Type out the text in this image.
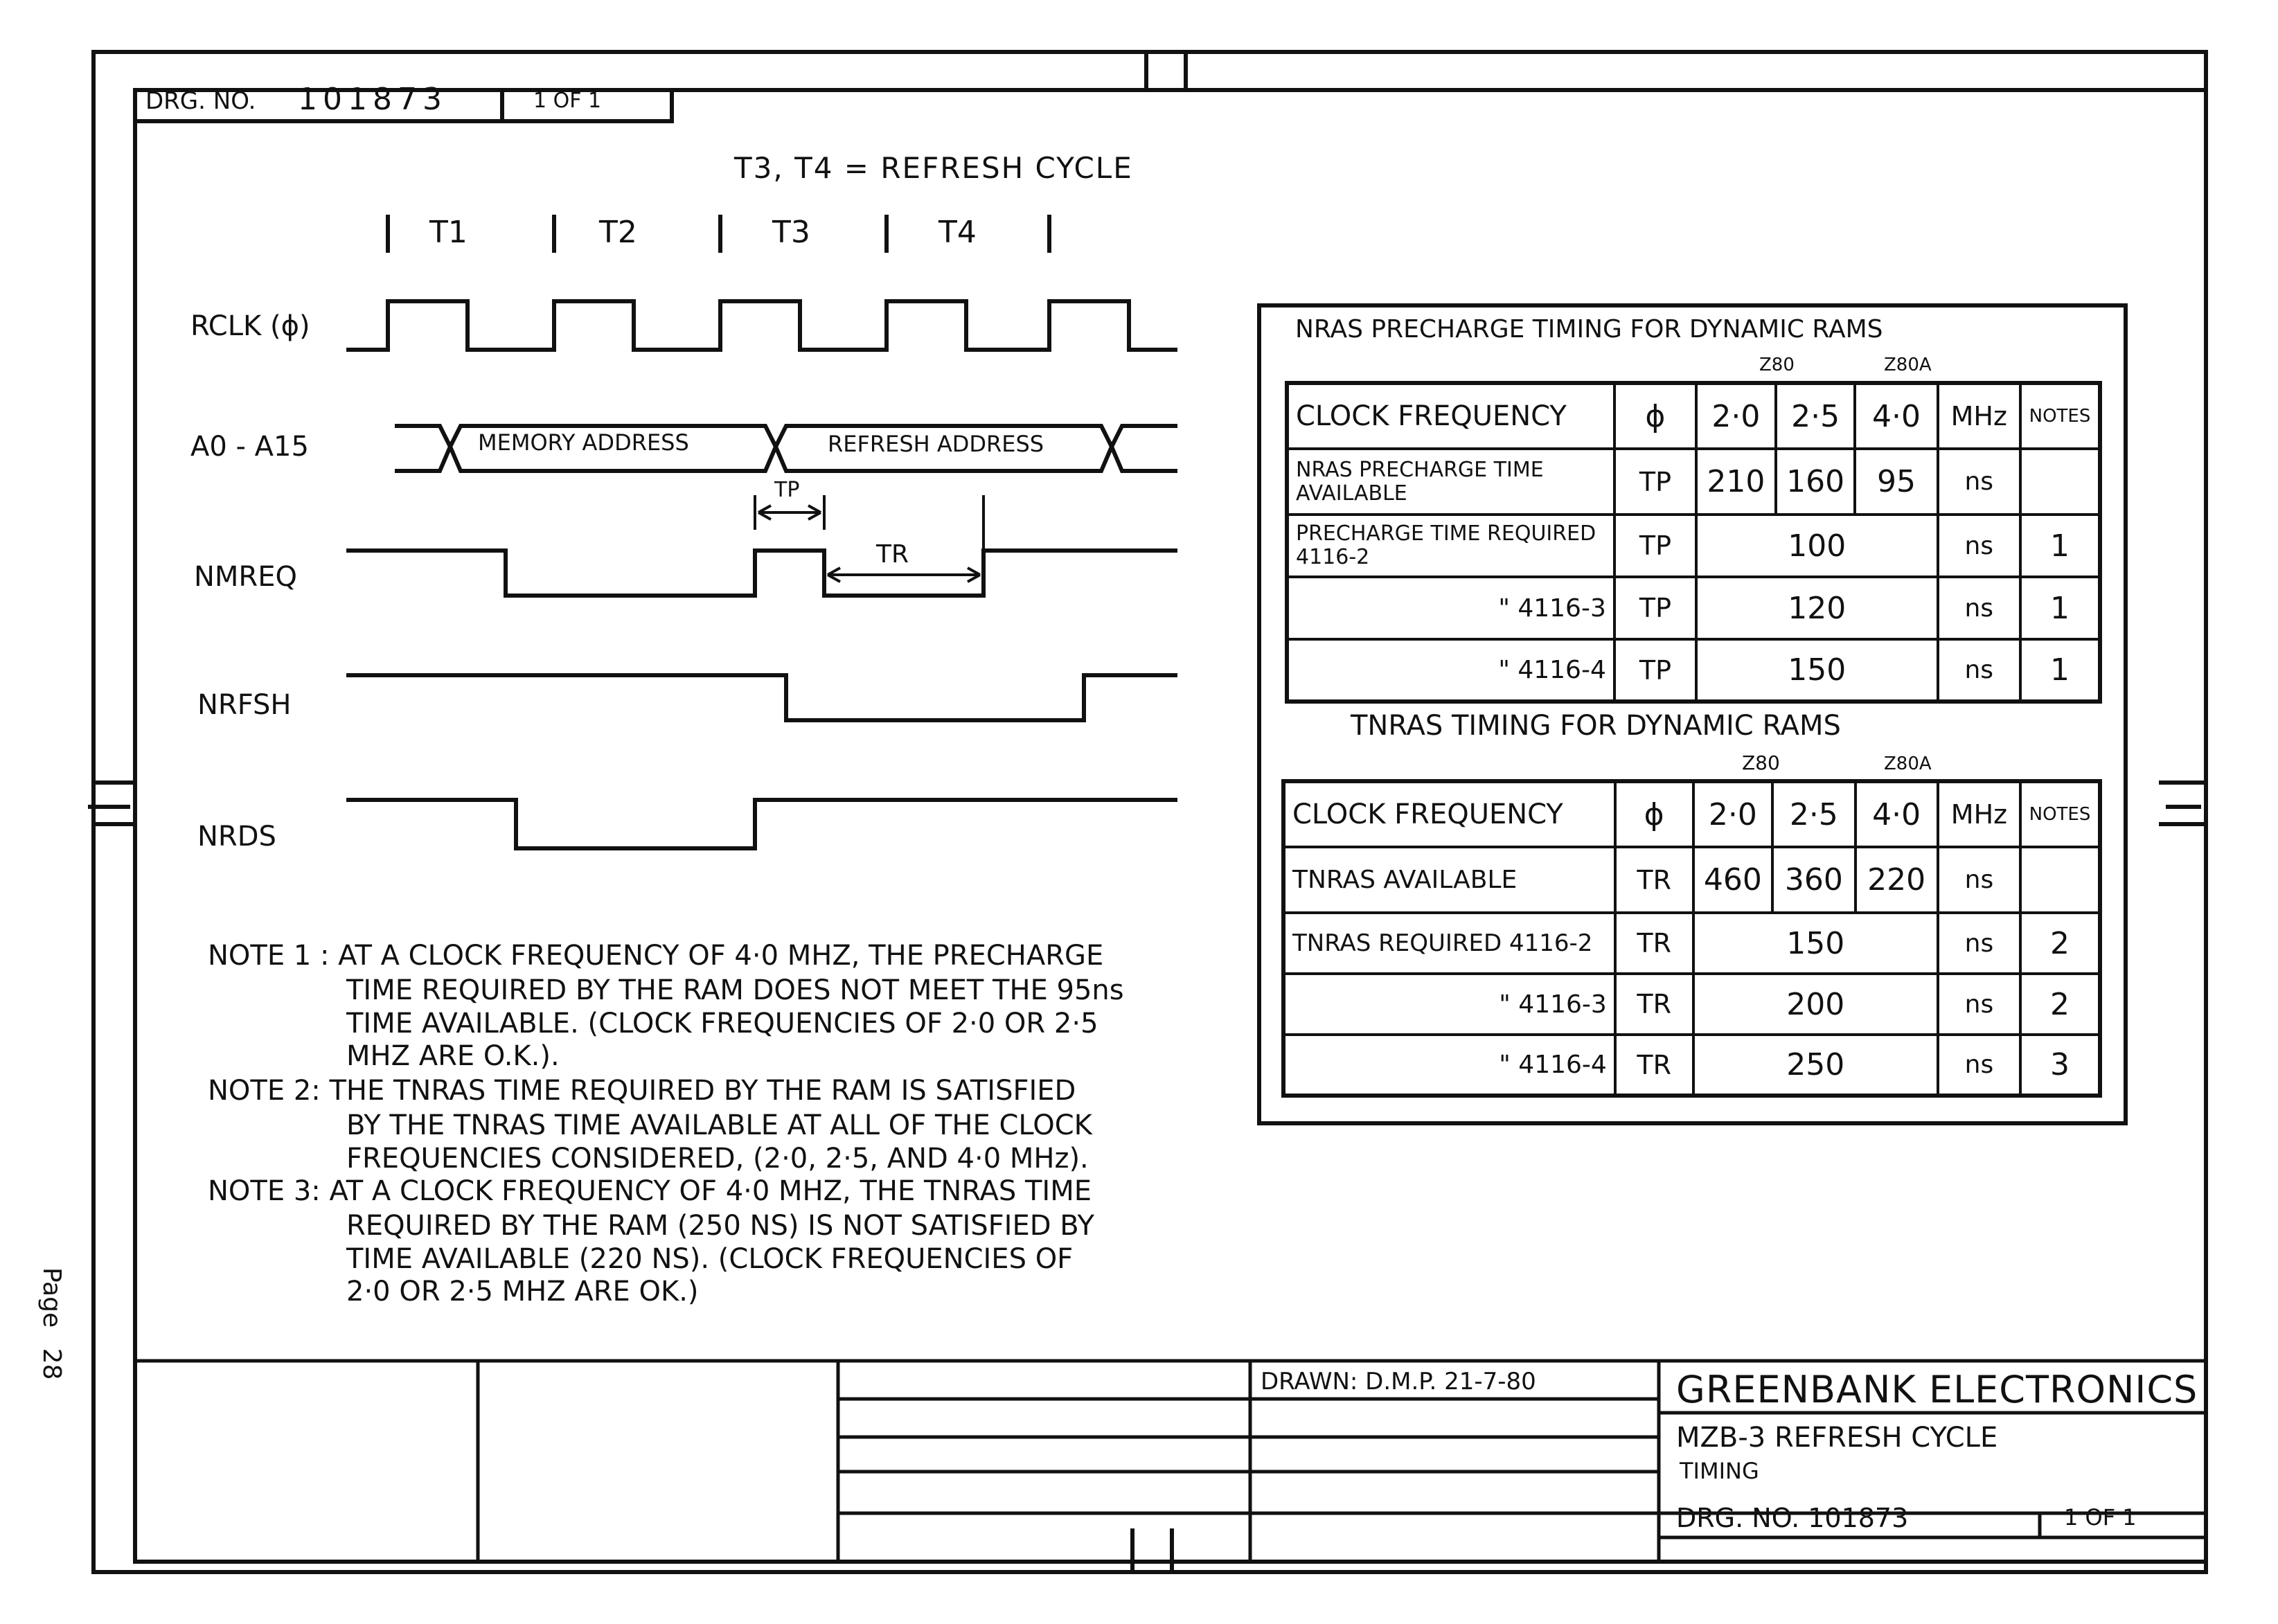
DRG. NO. 101873	1 OF 1
T3, T4 = REFRESH CYCLE
T1	T2	T3	T4
RCLK (ϕ)
A0 - A15
NMREQ
NRFSH
NRDS
MEMORY ADDRESS	REFRESH ADDRESS
TP
TR
NRAS PRECHARGE TIMING FOR DYNAMIC RAMS
Z80	Z80A
CLOCK FREQUENCY	ϕ	2·0	2·5	4·0	MHz	NOTES
NRAS PRECHARGE TIME AVAILABLE	TP	210	160	95	ns	
PRECHARGE TIME REQUIRED 4116-2	TP	100			ns	1
" 4116-3	TP	120			ns	1
" 4116-4	TP	150			ns	1
TNRAS TIMING FOR DYNAMIC RAMS
Z80	Z80A
CLOCK FREQUENCY	ϕ	2·0	2·5	4·0	MHz	NOTES
TNRAS AVAILABLE	TR	460	360	220	ns	
TNRAS REQUIRED 4116-2	TR	150			ns	2
" 4116-3	TR	200			ns	2
" 4116-4	TR	250			ns	3
NOTE 1 : AT A CLOCK FREQUENCY OF 4·0 MHZ, THE PRECHARGE
TIME REQUIRED BY THE RAM DOES NOT MEET THE 95ns
TIME AVAILABLE. (CLOCK FREQUENCIES OF 2·0 OR 2·5
MHZ ARE O.K.).
NOTE 2: THE TNRAS TIME REQUIRED BY THE RAM IS SATISFIED
BY THE TNRAS TIME AVAILABLE AT ALL OF THE CLOCK
FREQUENCIES CONSIDERED, (2·0, 2·5, AND 4·0 MHz).
NOTE 3: AT A CLOCK FREQUENCY OF 4·0 MHZ, THE TNRAS TIME
REQUIRED BY THE RAM (250 NS) IS NOT SATISFIED BY
TIME AVAILABLE (220 NS). (CLOCK FREQUENCIES OF
2·0 OR 2·5 MHZ ARE OK.)
DRAWN: D.M.P. 21-7-80	GREENBANK ELECTRONICS
MZB-3 REFRESH CYCLE
TIMING
DRG. NO. 101873	1 OF 1
Page 28
